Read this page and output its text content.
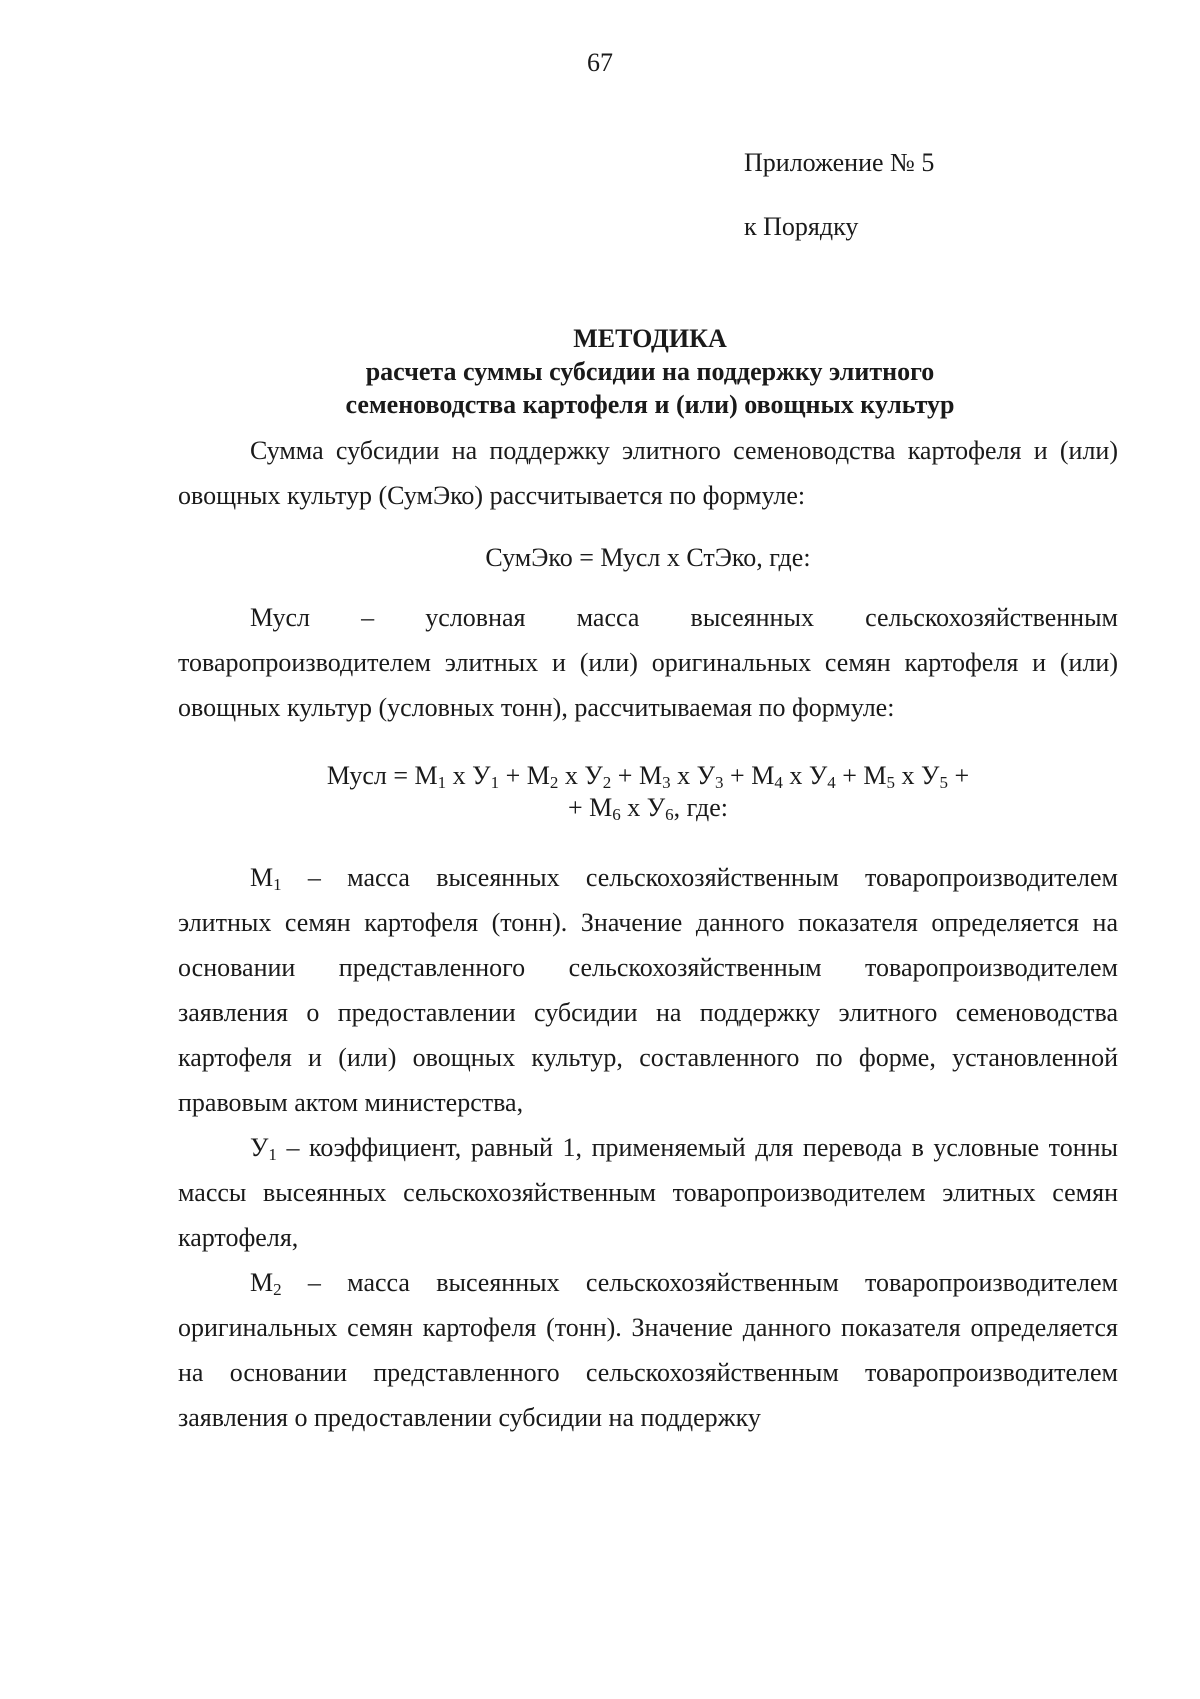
67
Приложение № 5
к Порядку
МЕТОДИКА
расчета суммы субсидии на поддержку элитного
семеноводства картофеля и (или) овощных культур

Сумма субсидии на поддержку элитного семеноводства картофеля и (или) овощных культур (СумЭко) рассчитывается по формуле:

СумЭко = Мусл х СтЭко, где:

Мусл – условная масса высеянных сельскохозяйственным товаропроизводителем элитных и (или) оригинальных семян картофеля и (или) овощных культур (условных тонн), рассчитываемая по формуле:

Мусл = $М_1$ х $У_1 + М_2$ х $У_2 + М_3$ х $У_3 + М_4$ х $У_4 + М_5$ х $У_5$ +
+ $М_6$ х $У_6$, где:

$М_1$ – масса высеянных сельскохозяйственным товаропроизводителем элитных семян картофеля (тонн). Значение данного показателя определяется на основании представленного сельскохозяйственным товаропроизводителем заявления о предоставлении субсидии на поддержку элитного семеноводства картофеля и (или) овощных культур, составленного по форме, установленной правовым актом министерства,

$У_1$ – коэффициент, равный 1, применяемый для перевода в условные тонны массы высеянных сельскохозяйственным товаропроизводителем элитных семян картофеля,

$М_2$ – масса высеянных сельскохозяйственным товаропроизводителем оригинальных семян картофеля (тонн). Значение данного показателя определяется на основании представленного сельскохозяйственным товаропроизводителем заявления о предоставлении субсидии на поддержку
